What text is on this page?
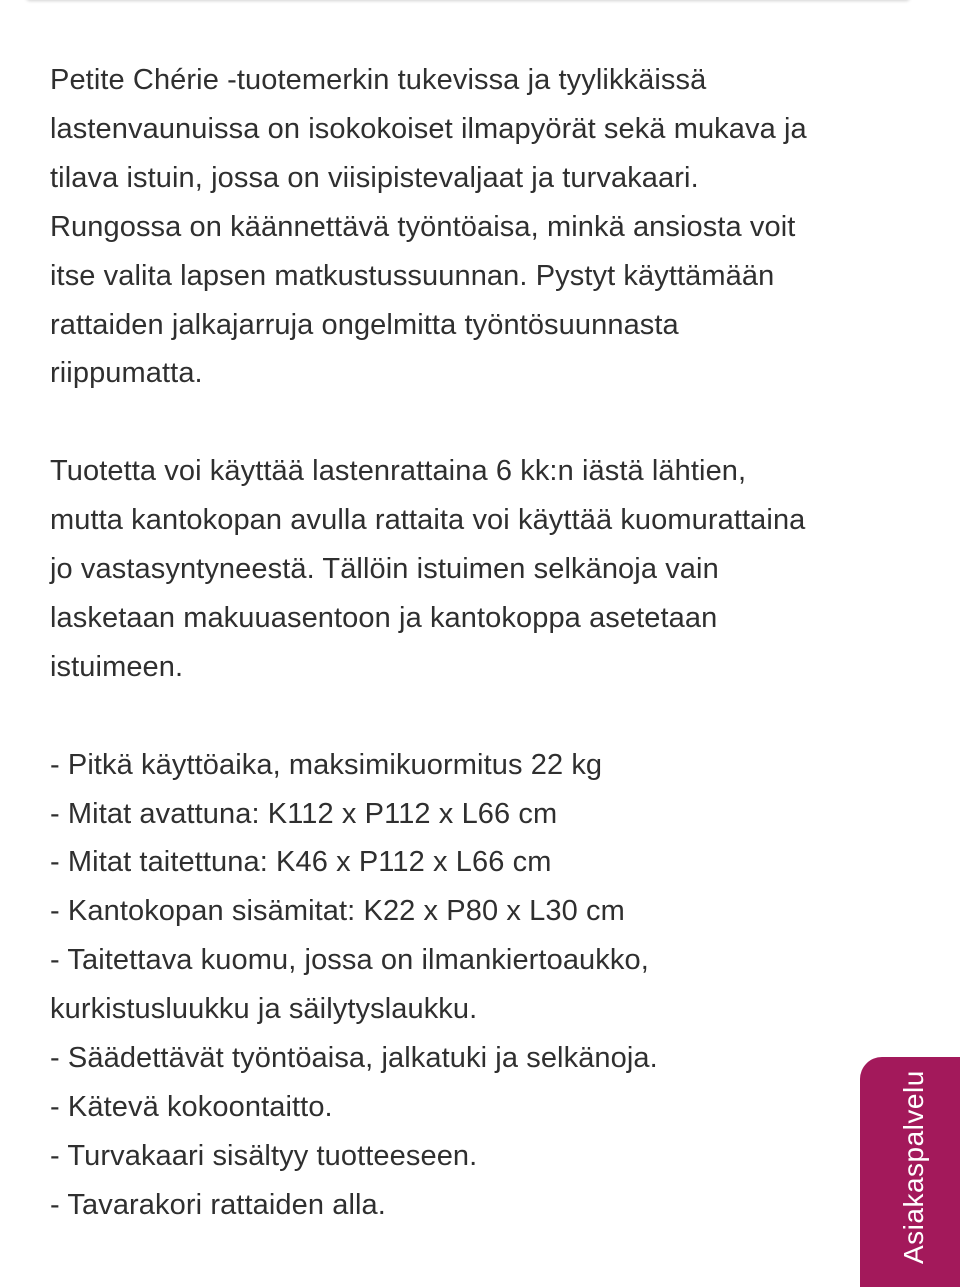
Petite Chérie -tuotemerkin tukevissa ja tyylikkäissä
lastenvaunuissa on isokokoiset ilmapyörät sekä mukava ja
tilava istuin, jossa on viisipistevaljaat ja turvakaari.
Rungossa on käännettävä työntöaisa, minkä ansiosta voit
itse valita lapsen matkustussuunnan. Pystyt käyttämään
rattaiden jalkajarruja ongelmitta työntösuunnasta
riippumatta.

Tuotetta voi käyttää lastenrattaina 6 kk:n iästä lähtien,
mutta kantokopan avulla rattaita voi käyttää kuomurattaina
jo vastasyntyneestä. Tällöin istuimen selkänoja vain
lasketaan makuuasentoon ja kantokoppa asetetaan
istuimeen.

- Pitkä käyttöaika, maksimikuormitus 22 kg
- Mitat avattuna: K112 x P112 x L66 cm
- Mitat taitettuna: K46 x P112 x L66 cm
- Kantokopan sisämitat: K22 x P80 x L30 cm
- Taitettava kuomu, jossa on ilmankiertoaukko,
kurkistusluukku ja säilytyslaukku.
- Säädettävät työntöaisa, jalkatuki ja selkänoja.
- Kätevä kokoontaitto.
- Turvakaari sisältyy tuotteeseen.
- Tavarakori rattaiden alla.	Asiakaspalvelu
